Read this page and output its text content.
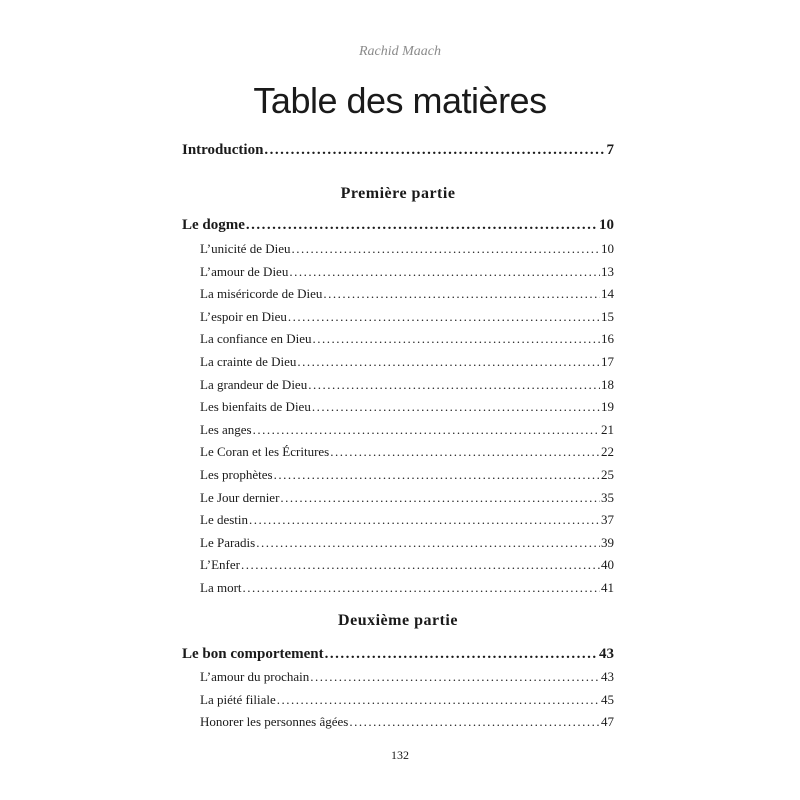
Rachid Maach
Table des matières
Introduction .....	7
Première partie
Le dogme .....	10
L’unicité de Dieu .....	10
L’amour de Dieu .....	13
La miséricorde de Dieu .....	14
L’espoir en Dieu .....	15
La confiance en Dieu .....	16
La crainte de Dieu .....	17
La grandeur de Dieu .....	18
Les bienfaits de Dieu .....	19
Les anges .....	21
Le Coran et les Écritures .....	22
Les prophètes .....	25
Le Jour dernier .....	35
Le destin .....	37
Le Paradis .....	39
L’Enfer .....	40
La mort .....	41
Deuxième partie
Le bon comportement .....	43
L’amour du prochain .....	43
La piété filiale .....	45
Honorer les personnes âgées .....	47
132
